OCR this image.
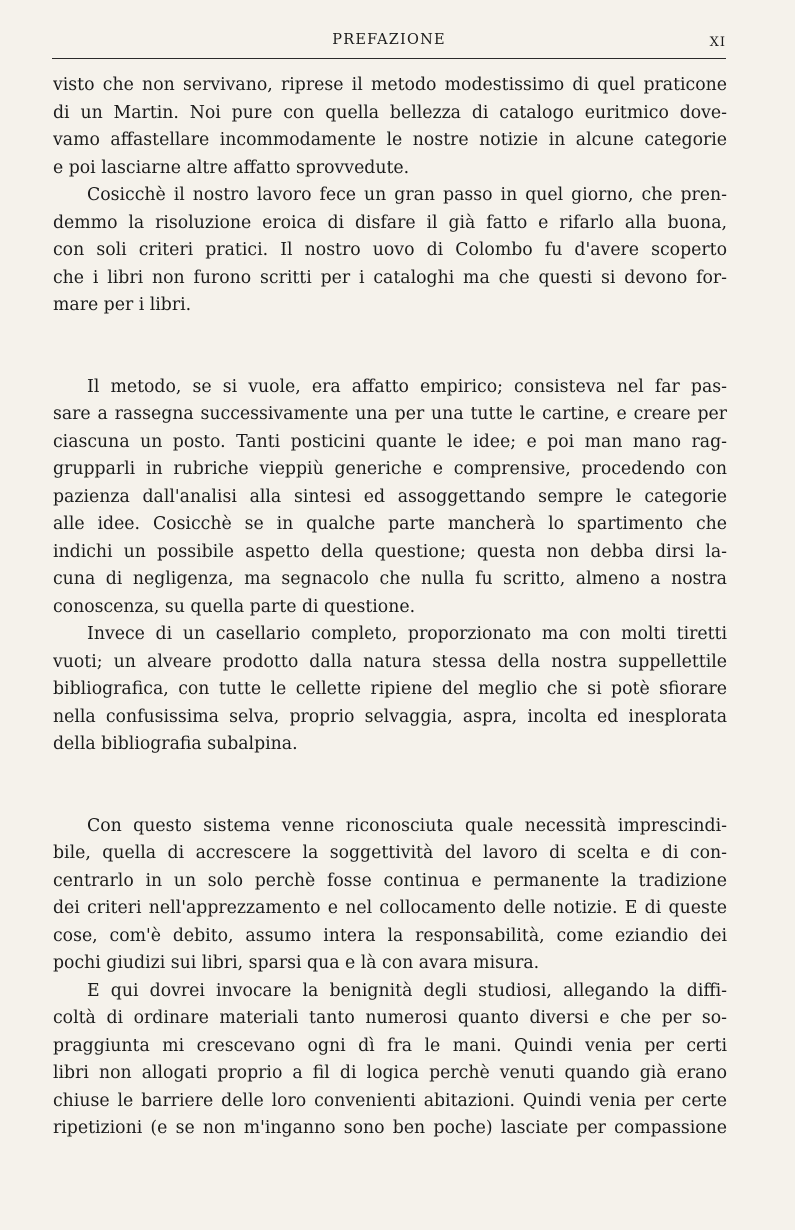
PREFAZIONE	XI
visto che non servivano, riprese il metodo modestissimo di quel praticone
di un Martin. Noi pure con quella bellezza di catalogo euritmico dove-
vamo affastellare incommodamente le nostre notizie in alcune categorie
e poi lasciarne altre affatto sprovvedute.
Cosicchè il nostro lavoro fece un gran passo in quel giorno, che pren-
demmo la risoluzione eroica di disfare il già fatto e rifarlo alla buona,
con soli criteri pratici. Il nostro uovo di Colombo fu d'avere scoperto
che i libri non furono scritti per i cataloghi ma che questi si devono for-
mare per i libri.
Il metodo, se si vuole, era affatto empirico; consisteva nel far pas-
sare a rassegna successivamente una per una tutte le cartine, e creare per
ciascuna un posto. Tanti posticini quante le idee; e poi man mano rag-
grupparli in rubriche vieppiù generiche e comprensive, procedendo con
pazienza dall'analisi alla sintesi ed assoggettando sempre le categorie
alle idee. Cosicchè se in qualche parte mancherà lo spartimento che
indichi un possibile aspetto della questione; questa non debba dirsi la-
cuna di negligenza, ma segnacolo che nulla fu scritto, almeno a nostra
conoscenza, su quella parte di questione.
Invece di un casellario completo, proporzionato ma con molti tiretti
vuoti; un alveare prodotto dalla natura stessa della nostra suppellettile
bibliografica, con tutte le cellette ripiene del meglio che si potè sfiorare
nella confusissima selva, proprio selvaggia, aspra, incolta ed inesplorata
della bibliografia subalpina.
Con questo sistema venne riconosciuta quale necessità imprescindi-
bile, quella di accrescere la soggettività del lavoro di scelta e di con-
centrarlo in un solo perchè fosse continua e permanente la tradizione
dei criteri nell'apprezzamento e nel collocamento delle notizie. E di queste
cose, com'è debito, assumo intera la responsabilità, come eziandio dei
pochi giudizi sui libri, sparsi qua e là con avara misura.
E qui dovrei invocare la benignità degli studiosi, allegando la diffi-
coltà di ordinare materiali tanto numerosi quanto diversi e che per so-
praggiunta mi crescevano ogni dì fra le mani. Quindi venia per certi
libri non allogati proprio a fil di logica perchè venuti quando già erano
chiuse le barriere delle loro convenienti abitazioni. Quindi venia per certe
ripetizioni (e se non m'inganno sono ben poche) lasciate per compassione
